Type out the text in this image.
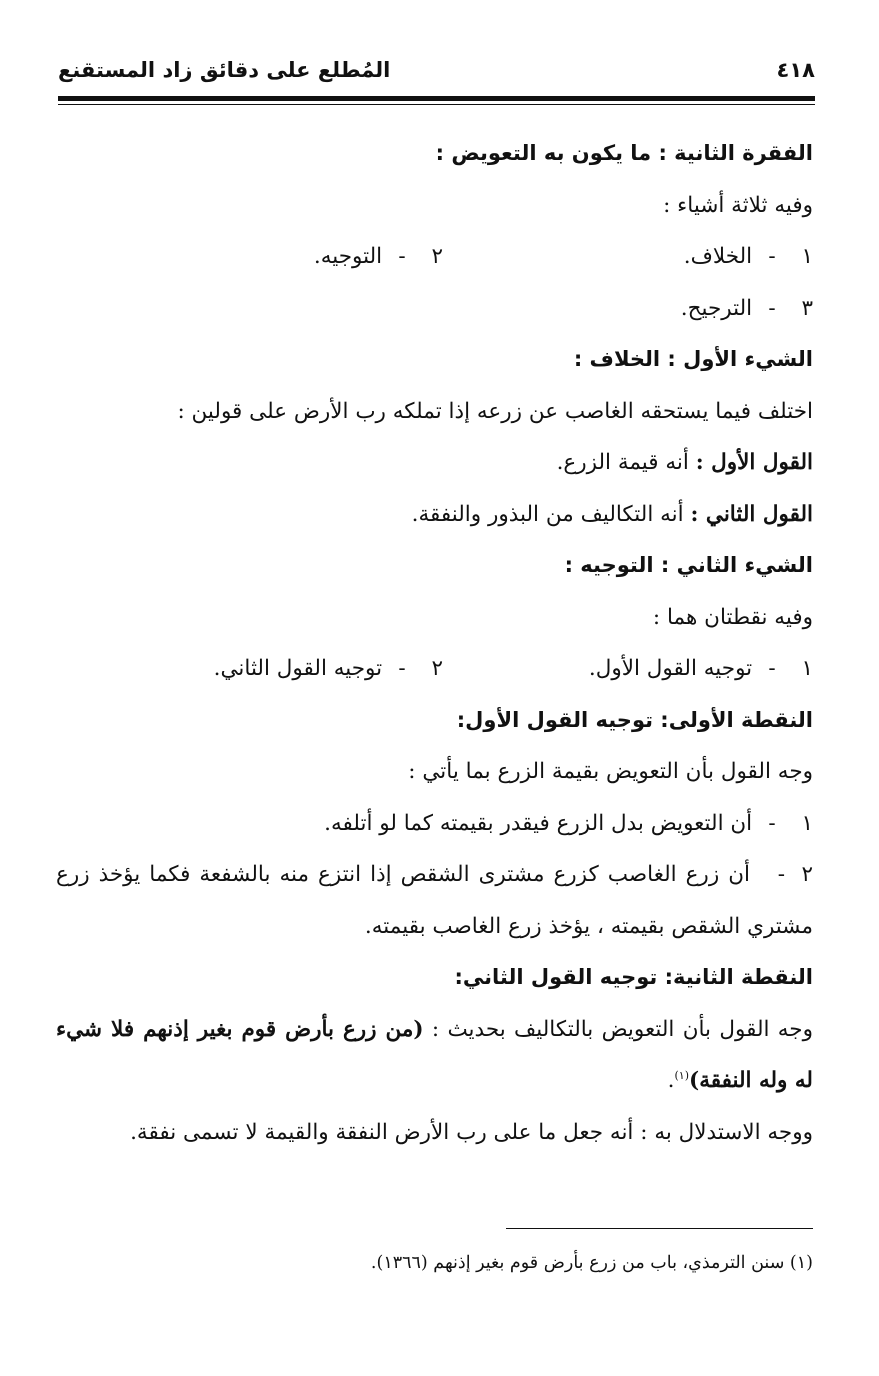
٤١٨
المُطلع على دقائق زاد المستقنع
الفقرة الثانية : ما يكون به التعويض :
وفيه ثلاثة أشياء :
١- الخلاف.٢- التوجيه.
٣- الترجيح.
الشيء الأول : الخلاف :
اختلف فيما يستحقه الغاصب عن زرعه إذا تملكه رب الأرض على قولين :
القول الأول : أنه قيمة الزرع.
القول الثاني : أنه التكاليف من البذور والنفقة.
الشيء الثاني : التوجيه :
وفيه نقطتان هما :
١- توجيه القول الأول.٢- توجيه القول الثاني.
النقطة الأولى: توجيه القول الأول:
وجه القول بأن التعويض بقيمة الزرع بما يأتي :
١- أن التعويض بدل الزرع فيقدر بقيمته كما لو أتلفه.
٢- أن زرع الغاصب كزرع مشترى الشقص إذا انتزع منه بالشفعة فكما يؤخذ زرع مشتري الشقص بقيمته ، يؤخذ زرع الغاصب بقيمته.
النقطة الثانية: توجيه القول الثاني:
وجه القول بأن التعويض بالتكاليف بحديث : (من زرع بأرض قوم بغير إذنهم فلا شيء له وله النفقة)$^{(١)}$.
ووجه الاستدلال به : أنه جعل ما على رب الأرض النفقة والقيمة لا تسمى نفقة.
(١) سنن الترمذي، باب من زرع بأرض قوم بغير إذنهم (١٣٦٦).
